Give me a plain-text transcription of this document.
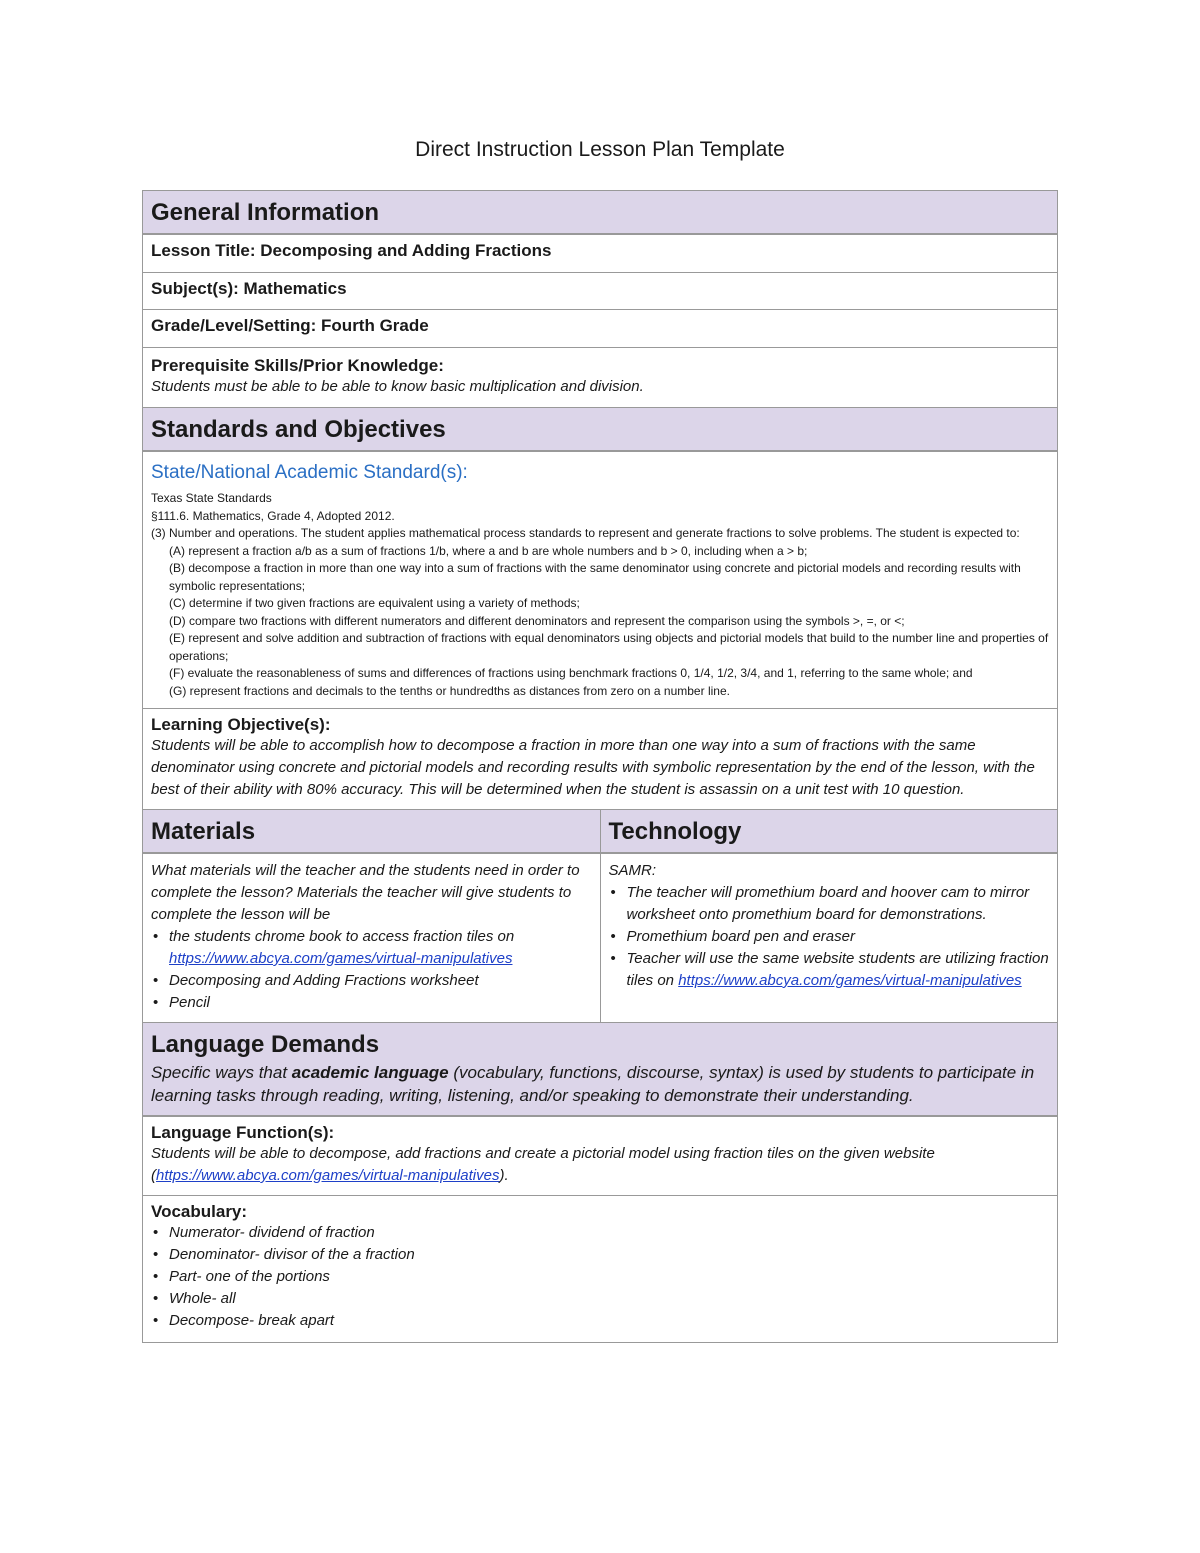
Direct Instruction Lesson Plan Template
General Information
Lesson Title: Decomposing and Adding Fractions
Subject(s): Mathematics
Grade/Level/Setting: Fourth Grade
Prerequisite Skills/Prior Knowledge:
Students must be able to be able to know basic multiplication and division.
Standards and Objectives
State/National Academic Standard(s):
Texas State Standards
§111.6. Mathematics, Grade 4, Adopted 2012.
(3) Number and operations. The student applies mathematical process standards to represent and generate fractions to solve problems. The student is expected to:
(A) represent a fraction a/b as a sum of fractions 1/b, where a and b are whole numbers and b > 0, including when a > b;
(B) decompose a fraction in more than one way into a sum of fractions with the same denominator using concrete and pictorial models and recording results with symbolic representations;
(C) determine if two given fractions are equivalent using a variety of methods;
(D) compare two fractions with different numerators and different denominators and represent the comparison using the symbols >, =, or <;
(E) represent and solve addition and subtraction of fractions with equal denominators using objects and pictorial models that build to the number line and properties of operations;
(F) evaluate the reasonableness of sums and differences of fractions using benchmark fractions 0, 1/4, 1/2, 3/4, and 1, referring to the same whole; and
(G) represent fractions and decimals to the tenths or hundredths as distances from zero on a number line.
Learning Objective(s):
Students will be able to accomplish how to decompose a fraction in more than one way into a sum of fractions with the same denominator using concrete and pictorial models and recording results with symbolic representation by the end of the lesson, with the best of their ability with 80% accuracy. This will be determined when the student is assassin on a unit test with 10 question.
Materials	Technology
What materials will the teacher and the students need in order to complete the lesson? Materials the teacher will give students to complete the lesson will be
• the students chrome book to access fraction tiles on https://www.abcya.com/games/virtual-manipulatives
• Decomposing and Adding Fractions worksheet
• Pencil
SAMR:
• The teacher will promethium board and hoover cam to mirror worksheet onto promethium board for demonstrations.
• Promethium board pen and eraser
• Teacher will use the same website students are utilizing fraction tiles on https://www.abcya.com/games/virtual-manipulatives
Language Demands
Specific ways that academic language (vocabulary, functions, discourse, syntax) is used by students to participate in learning tasks through reading, writing, listening, and/or speaking to demonstrate their understanding.
Language Function(s):
Students will be able to decompose, add fractions and create a pictorial model using fraction tiles on the given website (https://www.abcya.com/games/virtual-manipulatives).
Vocabulary:
• Numerator- dividend of fraction
• Denominator- divisor of the a fraction
• Part- one of the portions
• Whole- all
• Decompose- break apart
